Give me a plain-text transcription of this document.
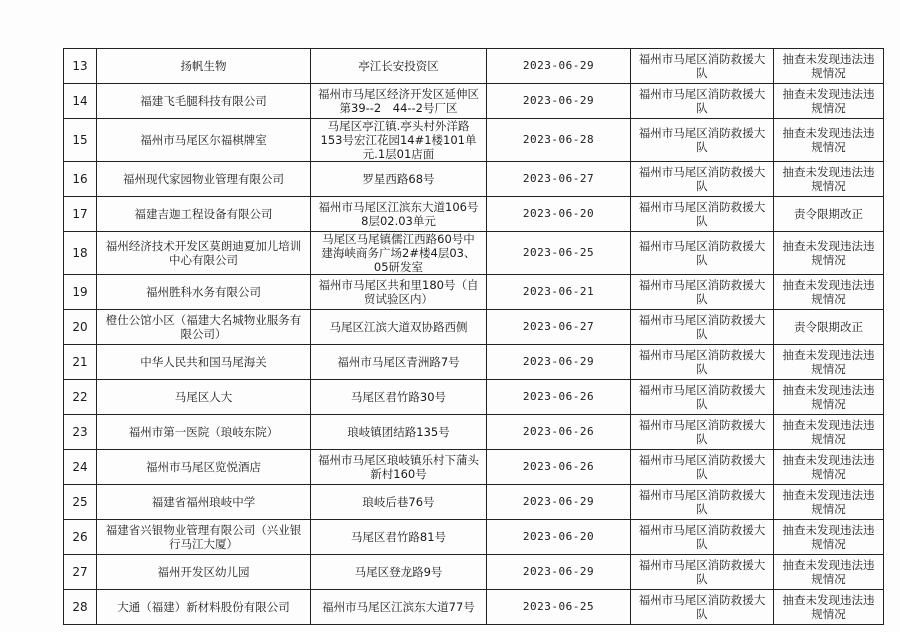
13	扬帆生物	亭江长安投资区	2023-06-29	福州市马尾区消防救援大队	抽查未发现违法违规情况
14	福建飞毛腿科技有限公司	福州市马尾区经济开发区延伸区第39--2　44--2号厂区	2023-06-29	福州市马尾区消防救援大队	抽查未发现违法违规情况
15	福州市马尾区尔福棋牌室	马尾区亭江镇.亭头村外洋路153号宏江花园14#1楼101单元.1层01店面	2023-06-28	福州市马尾区消防救援大队	抽查未发现违法违规情况
16	福州现代家园物业管理有限公司	罗星西路68号	2023-06-27	福州市马尾区消防救援大队	抽查未发现违法违规情况
17	福建吉迦工程设备有限公司	福州市马尾区江滨东大道106号8层02.03单元	2023-06-20	福州市马尾区消防救援大队	责令限期改正
18	福州经济技术开发区莫朗迪夏加儿培训中心有限公司	马尾区马尾镇儒江西路60号中建海峡商务广场2#楼4层03、05研发室	2023-06-25	福州市马尾区消防救援大队	抽查未发现违法违规情况
19	福州胜科水务有限公司	福州市马尾区共和里180号（自贸试验区内）	2023-06-21	福州市马尾区消防救援大队	抽查未发现违法违规情况
20	橙仕公馆小区（福建大名城物业服务有限公司）	马尾区江滨大道双协路西侧	2023-06-27	福州市马尾区消防救援大队	责令限期改正
21	中华人民共和国马尾海关	福州市马尾区青洲路7号	2023-06-29	福州市马尾区消防救援大队	抽查未发现违法违规情况
22	马尾区人大	马尾区君竹路30号	2023-06-26	福州市马尾区消防救援大队	抽查未发现违法违规情况
23	福州市第一医院（琅岐东院）	琅岐镇团结路135号	2023-06-26	福州市马尾区消防救援大队	抽查未发现违法违规情况
24	福州市马尾区览悦酒店	福州市马尾区琅岐镇乐村下蒲头新村160号	2023-06-26	福州市马尾区消防救援大队	抽查未发现违法违规情况
25	福建省福州琅岐中学	琅岐后巷76号	2023-06-29	福州市马尾区消防救援大队	抽查未发现违法违规情况
26	福建省兴银物业管理有限公司（兴业银行马江大厦）	马尾区君竹路81号	2023-06-20	福州市马尾区消防救援大队	抽查未发现违法违规情况
27	福州开发区幼儿园	马尾区登龙路9号	2023-06-29	福州市马尾区消防救援大队	抽查未发现违法违规情况
28	大通（福建）新材料股份有限公司	福州市马尾区江滨东大道77号	2023-06-25	福州市马尾区消防救援大队	抽查未发现违法违规情况
